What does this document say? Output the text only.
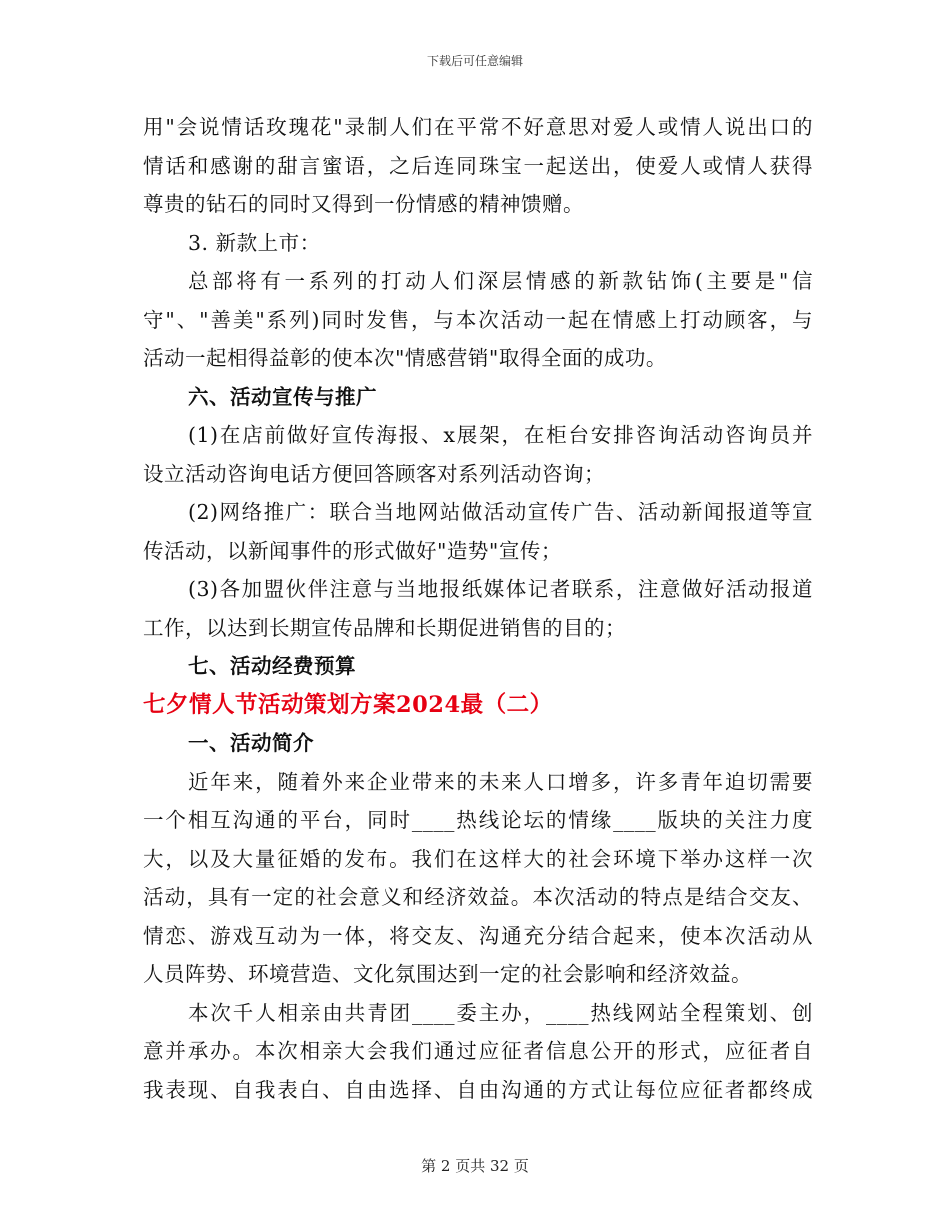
下载后可任意编辑
用"会说情话玫瑰花"录制人们在平常不好意思对爱人或情人说出口的
情话和感谢的甜言蜜语，之后连同珠宝一起送出，使爱人或情人获得
尊贵的钻石的同时又得到一份情感的精神馈赠。
3. 新款上市：
总部将有一系列的打动人们深层情感的新款钻饰(主要是"信
守"、"善美"系列)同时发售，与本次活动一起在情感上打动顾客，与
活动一起相得益彰的使本次"情感营销"取得全面的成功。
六、活动宣传与推广
(1)在店前做好宣传海报、x展架，在柜台安排咨询活动咨询员并
设立活动咨询电话方便回答顾客对系列活动咨询；
(2)网络推广：联合当地网站做活动宣传广告、活动新闻报道等宣
传活动，以新闻事件的形式做好"造势"宣传；
(3)各加盟伙伴注意与当地报纸媒体记者联系，注意做好活动报道
工作，以达到长期宣传品牌和长期促进销售的目的；
七、活动经费预算
七夕情人节活动策划方案2024最（二）
一、活动简介
近年来，随着外来企业带来的未来人口增多，许多青年迫切需要
一个相互沟通的平台，同时____热线论坛的情缘____版块的关注力度
大，以及大量征婚的发布。我们在这样大的社会环境下举办这样一次
活动，具有一定的社会意义和经济效益。本次活动的特点是结合交友、
情恋、游戏互动为一体，将交友、沟通充分结合起来，使本次活动从
人员阵势、环境营造、文化氛围达到一定的社会影响和经济效益。
本次千人相亲由共青团____委主办，____热线网站全程策划、创
意并承办。本次相亲大会我们通过应征者信息公开的形式，应征者自
我表现、自我表白、自由选择、自由沟通的方式让每位应征者都终成
第 2 页共 32 页
